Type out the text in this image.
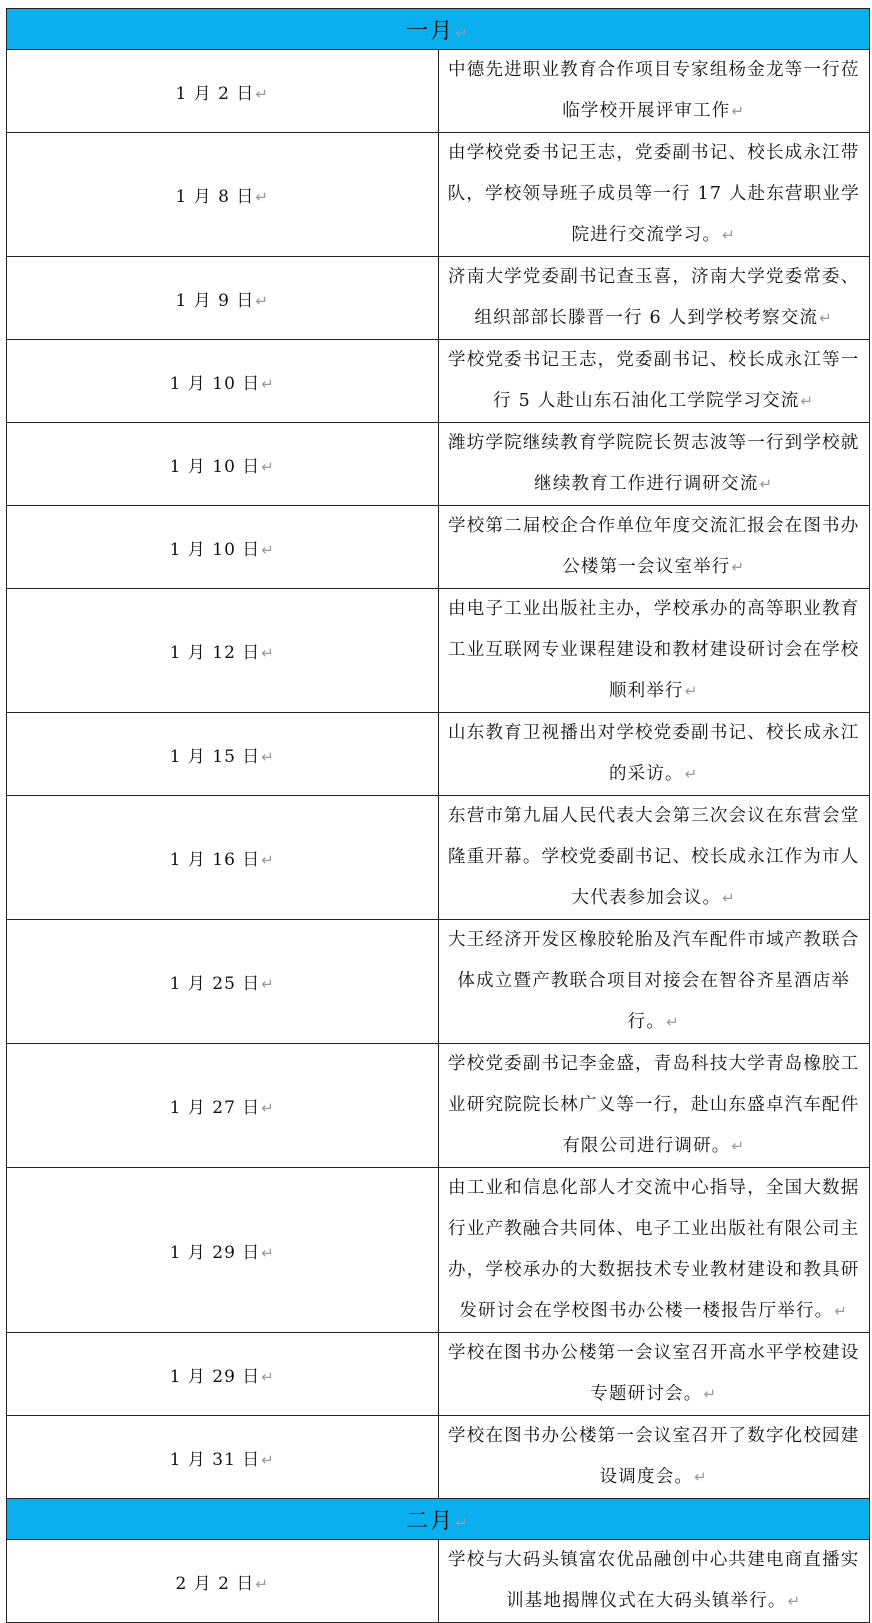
一月↵	
1 月 2 日↵	中德先进职业教育合作项目专家组杨金龙等一行莅临学校开展评审工作↵
1 月 8 日↵	由学校党委书记王志，党委副书记、校长成永江带队，学校领导班子成员等一行 17 人赴东营职业学院进行交流学习。↵
1 月 9 日↵	济南大学党委副书记查玉喜，济南大学党委常委、组织部部长滕晋一行 6 人到学校考察交流↵
1 月 10 日↵	学校党委书记王志，党委副书记、校长成永江等一行 5 人赴山东石油化工学院学习交流↵
1 月 10 日↵	潍坊学院继续教育学院院长贺志波等一行到学校就继续教育工作进行调研交流↵
1 月 10 日↵	学校第二届校企合作单位年度交流汇报会在图书办公楼第一会议室举行↵
1 月 12 日↵	由电子工业出版社主办，学校承办的高等职业教育工业互联网专业课程建设和教材建设研讨会在学校顺利举行↵
1 月 15 日↵	山东教育卫视播出对学校党委副书记、校长成永江的采访。↵
1 月 16 日↵	东营市第九届人民代表大会第三次会议在东营会堂隆重开幕。学校党委副书记、校长成永江作为市人大代表参加会议。↵
1 月 25 日↵	大王经济开发区橡胶轮胎及汽车配件市域产教联合体成立暨产教联合项目对接会在智谷齐星酒店举行。↵
1 月 27 日↵	学校党委副书记李金盛，青岛科技大学青岛橡胶工业研究院院长林广义等一行，赴山东盛卓汽车配件有限公司进行调研。↵
1 月 29 日↵	由工业和信息化部人才交流中心指导，全国大数据行业产教融合共同体、电子工业出版社有限公司主办，学校承办的大数据技术专业教材建设和教具研发研讨会在学校图书办公楼一楼报告厅举行。↵
1 月 29 日↵	学校在图书办公楼第一会议室召开高水平学校建设专题研讨会。↵
1 月 31 日↵	学校在图书办公楼第一会议室召开了数字化校园建设调度会。↵
二月↵	
2 月 2 日↵	学校与大码头镇富农优品融创中心共建电商直播实训基地揭牌仪式在大码头镇举行。↵
